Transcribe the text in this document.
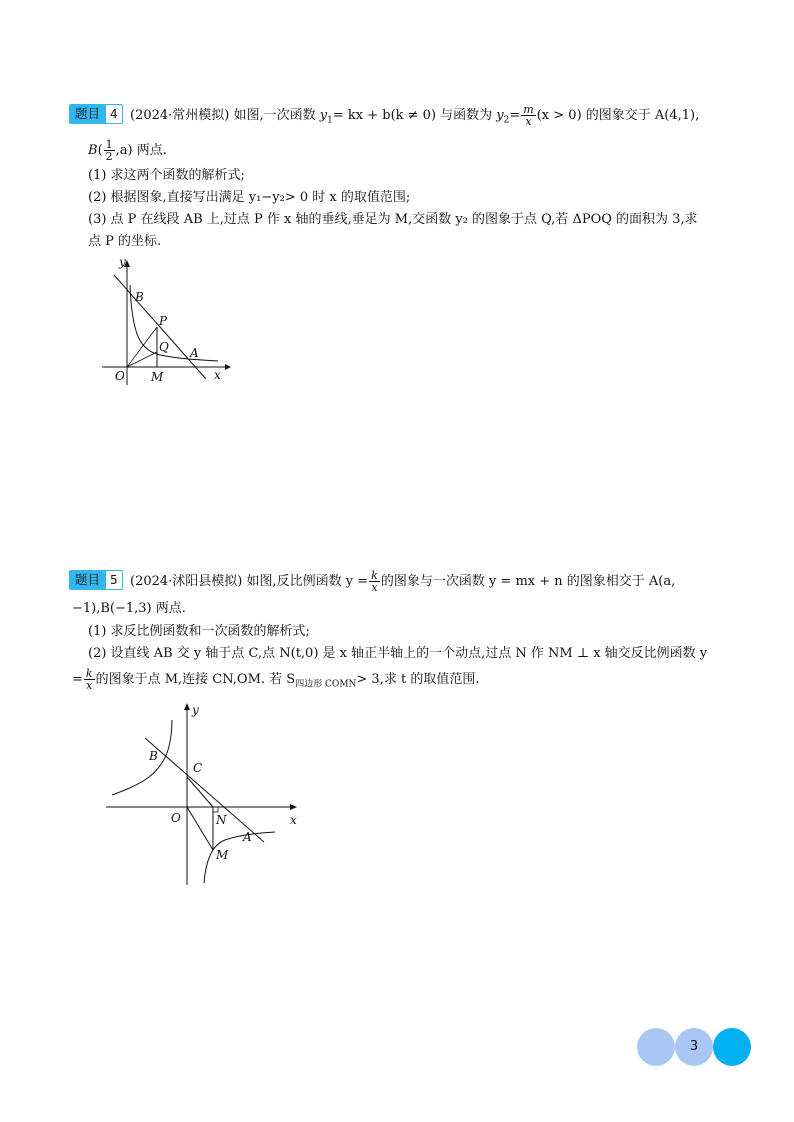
题目 4 (2024·常州模拟) 如图,一次函数 $y_1=$ kx + b(k ≠ 0) 与函数为 $y_2= \frac{m}{x} (x > 0)$ 的图象交于 A(4,1),
$B( \frac{1}{2} ,a)$ 两点.
(1) 求这两个函数的解析式;
(2) 根据图象,直接写出满足 y₁−y₂> 0 时 x 的取值范围;
(3) 点 P 在线段 AB 上,过点 P 作 x 轴的垂线,垂足为 M,交函数 y₂ 的图象于点 Q,若 ΔPOQ 的面积为 3,求
点 P 的坐标.
y
B
P
Q A
O M	x
题目 5 (2024·沭阳县模拟) 如图,反比例函数 $y = \frac{k}{x}$ 的图象与一次函数 y = mx + n 的图象相交于 A(a,
−1),B(−1,3) 两点.
(1) 求反比例函数和一次函数的解析式;
(2) 设直线 AB 交 y 轴于点 C,点 N(t,0) 是 x 轴正半轴上的一个动点,过点 N 作 NM ⊥ x 轴交反比例函数 y
= $\frac{k}{x}$ 的图象于点 M,连接 CN,OM. 若 $S_{四边形 COMN}> 3$,求 t 的取值范围.
y
B
C
O	N	x
A
M
3
